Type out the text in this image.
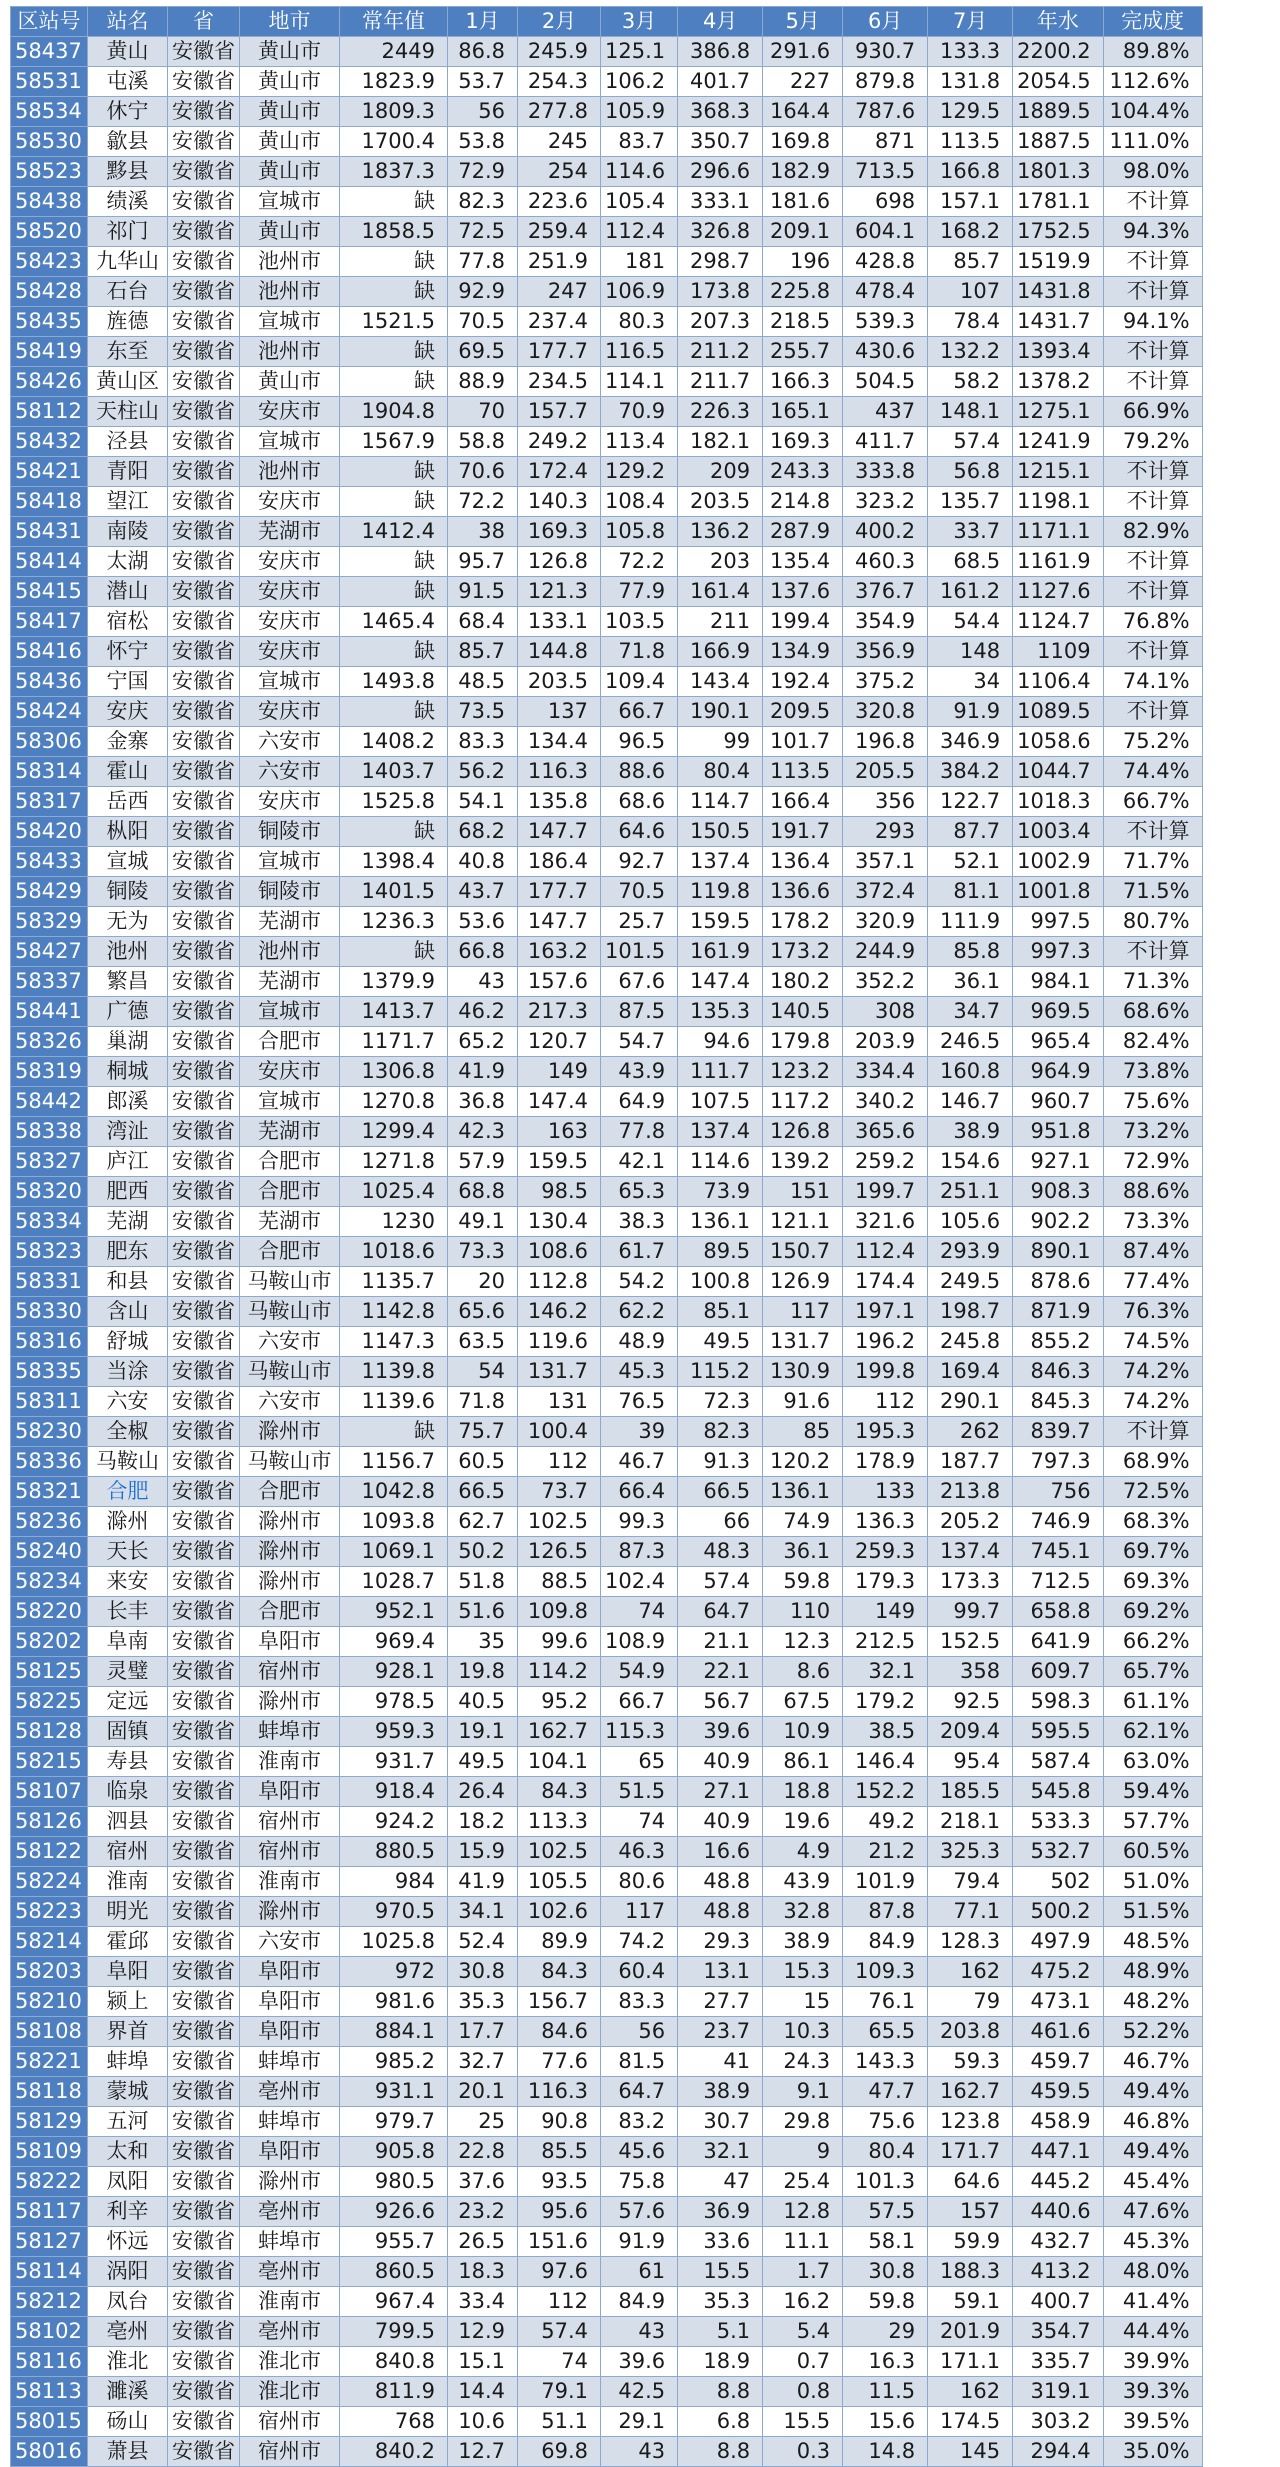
区站号	站名	省	地市	常年值	1月	2月	3月	4月	5月	6月	7月	年水	完成度
58437	黄山	安徽省	黄山市	2449	86.8	245.9	125.1	386.8	291.6	930.7	133.3	2200.2	89.8%
58531	屯溪	安徽省	黄山市	1823.9	53.7	254.3	106.2	401.7	227	879.8	131.8	2054.5	112.6%
58534	休宁	安徽省	黄山市	1809.3	56	277.8	105.9	368.3	164.4	787.6	129.5	1889.5	104.4%
58530	歙县	安徽省	黄山市	1700.4	53.8	245	83.7	350.7	169.8	871	113.5	1887.5	111.0%
58523	黟县	安徽省	黄山市	1837.3	72.9	254	114.6	296.6	182.9	713.5	166.8	1801.3	98.0%
58438	绩溪	安徽省	宣城市	缺	82.3	223.6	105.4	333.1	181.6	698	157.1	1781.1	不计算
58520	祁门	安徽省	黄山市	1858.5	72.5	259.4	112.4	326.8	209.1	604.1	168.2	1752.5	94.3%
58423	九华山	安徽省	池州市	缺	77.8	251.9	181	298.7	196	428.8	85.7	1519.9	不计算
58428	石台	安徽省	池州市	缺	92.9	247	106.9	173.8	225.8	478.4	107	1431.8	不计算
58435	旌德	安徽省	宣城市	1521.5	70.5	237.4	80.3	207.3	218.5	539.3	78.4	1431.7	94.1%
58419	东至	安徽省	池州市	缺	69.5	177.7	116.5	211.2	255.7	430.6	132.2	1393.4	不计算
58426	黄山区	安徽省	黄山市	缺	88.9	234.5	114.1	211.7	166.3	504.5	58.2	1378.2	不计算
58112	天柱山	安徽省	安庆市	1904.8	70	157.7	70.9	226.3	165.1	437	148.1	1275.1	66.9%
58432	泾县	安徽省	宣城市	1567.9	58.8	249.2	113.4	182.1	169.3	411.7	57.4	1241.9	79.2%
58421	青阳	安徽省	池州市	缺	70.6	172.4	129.2	209	243.3	333.8	56.8	1215.1	不计算
58418	望江	安徽省	安庆市	缺	72.2	140.3	108.4	203.5	214.8	323.2	135.7	1198.1	不计算
58431	南陵	安徽省	芜湖市	1412.4	38	169.3	105.8	136.2	287.9	400.2	33.7	1171.1	82.9%
58414	太湖	安徽省	安庆市	缺	95.7	126.8	72.2	203	135.4	460.3	68.5	1161.9	不计算
58415	潜山	安徽省	安庆市	缺	91.5	121.3	77.9	161.4	137.6	376.7	161.2	1127.6	不计算
58417	宿松	安徽省	安庆市	1465.4	68.4	133.1	103.5	211	199.4	354.9	54.4	1124.7	76.8%
58416	怀宁	安徽省	安庆市	缺	85.7	144.8	71.8	166.9	134.9	356.9	148	1109	不计算
58436	宁国	安徽省	宣城市	1493.8	48.5	203.5	109.4	143.4	192.4	375.2	34	1106.4	74.1%
58424	安庆	安徽省	安庆市	缺	73.5	137	66.7	190.1	209.5	320.8	91.9	1089.5	不计算
58306	金寨	安徽省	六安市	1408.2	83.3	134.4	96.5	99	101.7	196.8	346.9	1058.6	75.2%
58314	霍山	安徽省	六安市	1403.7	56.2	116.3	88.6	80.4	113.5	205.5	384.2	1044.7	74.4%
58317	岳西	安徽省	安庆市	1525.8	54.1	135.8	68.6	114.7	166.4	356	122.7	1018.3	66.7%
58420	枞阳	安徽省	铜陵市	缺	68.2	147.7	64.6	150.5	191.7	293	87.7	1003.4	不计算
58433	宣城	安徽省	宣城市	1398.4	40.8	186.4	92.7	137.4	136.4	357.1	52.1	1002.9	71.7%
58429	铜陵	安徽省	铜陵市	1401.5	43.7	177.7	70.5	119.8	136.6	372.4	81.1	1001.8	71.5%
58329	无为	安徽省	芜湖市	1236.3	53.6	147.7	25.7	159.5	178.2	320.9	111.9	997.5	80.7%
58427	池州	安徽省	池州市	缺	66.8	163.2	101.5	161.9	173.2	244.9	85.8	997.3	不计算
58337	繁昌	安徽省	芜湖市	1379.9	43	157.6	67.6	147.4	180.2	352.2	36.1	984.1	71.3%
58441	广德	安徽省	宣城市	1413.7	46.2	217.3	87.5	135.3	140.5	308	34.7	969.5	68.6%
58326	巢湖	安徽省	合肥市	1171.7	65.2	120.7	54.7	94.6	179.8	203.9	246.5	965.4	82.4%
58319	桐城	安徽省	安庆市	1306.8	41.9	149	43.9	111.7	123.2	334.4	160.8	964.9	73.8%
58442	郎溪	安徽省	宣城市	1270.8	36.8	147.4	64.9	107.5	117.2	340.2	146.7	960.7	75.6%
58338	湾沚	安徽省	芜湖市	1299.4	42.3	163	77.8	137.4	126.8	365.6	38.9	951.8	73.2%
58327	庐江	安徽省	合肥市	1271.8	57.9	159.5	42.1	114.6	139.2	259.2	154.6	927.1	72.9%
58320	肥西	安徽省	合肥市	1025.4	68.8	98.5	65.3	73.9	151	199.7	251.1	908.3	88.6%
58334	芜湖	安徽省	芜湖市	1230	49.1	130.4	38.3	136.1	121.1	321.6	105.6	902.2	73.3%
58323	肥东	安徽省	合肥市	1018.6	73.3	108.6	61.7	89.5	150.7	112.4	293.9	890.1	87.4%
58331	和县	安徽省	马鞍山市	1135.7	20	112.8	54.2	100.8	126.9	174.4	249.5	878.6	77.4%
58330	含山	安徽省	马鞍山市	1142.8	65.6	146.2	62.2	85.1	117	197.1	198.7	871.9	76.3%
58316	舒城	安徽省	六安市	1147.3	63.5	119.6	48.9	49.5	131.7	196.2	245.8	855.2	74.5%
58335	当涂	安徽省	马鞍山市	1139.8	54	131.7	45.3	115.2	130.9	199.8	169.4	846.3	74.2%
58311	六安	安徽省	六安市	1139.6	71.8	131	76.5	72.3	91.6	112	290.1	845.3	74.2%
58230	全椒	安徽省	滁州市	缺	75.7	100.4	39	82.3	85	195.3	262	839.7	不计算
58336	马鞍山	安徽省	马鞍山市	1156.7	60.5	112	46.7	91.3	120.2	178.9	187.7	797.3	68.9%
58321	合肥	安徽省	合肥市	1042.8	66.5	73.7	66.4	66.5	136.1	133	213.8	756	72.5%
58236	滁州	安徽省	滁州市	1093.8	62.7	102.5	99.3	66	74.9	136.3	205.2	746.9	68.3%
58240	天长	安徽省	滁州市	1069.1	50.2	126.5	87.3	48.3	36.1	259.3	137.4	745.1	69.7%
58234	来安	安徽省	滁州市	1028.7	51.8	88.5	102.4	57.4	59.8	179.3	173.3	712.5	69.3%
58220	长丰	安徽省	合肥市	952.1	51.6	109.8	74	64.7	110	149	99.7	658.8	69.2%
58202	阜南	安徽省	阜阳市	969.4	35	99.6	108.9	21.1	12.3	212.5	152.5	641.9	66.2%
58125	灵璧	安徽省	宿州市	928.1	19.8	114.2	54.9	22.1	8.6	32.1	358	609.7	65.7%
58225	定远	安徽省	滁州市	978.5	40.5	95.2	66.7	56.7	67.5	179.2	92.5	598.3	61.1%
58128	固镇	安徽省	蚌埠市	959.3	19.1	162.7	115.3	39.6	10.9	38.5	209.4	595.5	62.1%
58215	寿县	安徽省	淮南市	931.7	49.5	104.1	65	40.9	86.1	146.4	95.4	587.4	63.0%
58107	临泉	安徽省	阜阳市	918.4	26.4	84.3	51.5	27.1	18.8	152.2	185.5	545.8	59.4%
58126	泗县	安徽省	宿州市	924.2	18.2	113.3	74	40.9	19.6	49.2	218.1	533.3	57.7%
58122	宿州	安徽省	宿州市	880.5	15.9	102.5	46.3	16.6	4.9	21.2	325.3	532.7	60.5%
58224	淮南	安徽省	淮南市	984	41.9	105.5	80.6	48.8	43.9	101.9	79.4	502	51.0%
58223	明光	安徽省	滁州市	970.5	34.1	102.6	117	48.8	32.8	87.8	77.1	500.2	51.5%
58214	霍邱	安徽省	六安市	1025.8	52.4	89.9	74.2	29.3	38.9	84.9	128.3	497.9	48.5%
58203	阜阳	安徽省	阜阳市	972	30.8	84.3	60.4	13.1	15.3	109.3	162	475.2	48.9%
58210	颍上	安徽省	阜阳市	981.6	35.3	156.7	83.3	27.7	15	76.1	79	473.1	48.2%
58108	界首	安徽省	阜阳市	884.1	17.7	84.6	56	23.7	10.3	65.5	203.8	461.6	52.2%
58221	蚌埠	安徽省	蚌埠市	985.2	32.7	77.6	81.5	41	24.3	143.3	59.3	459.7	46.7%
58118	蒙城	安徽省	亳州市	931.1	20.1	116.3	64.7	38.9	9.1	47.7	162.7	459.5	49.4%
58129	五河	安徽省	蚌埠市	979.7	25	90.8	83.2	30.7	29.8	75.6	123.8	458.9	46.8%
58109	太和	安徽省	阜阳市	905.8	22.8	85.5	45.6	32.1	9	80.4	171.7	447.1	49.4%
58222	凤阳	安徽省	滁州市	980.5	37.6	93.5	75.8	47	25.4	101.3	64.6	445.2	45.4%
58117	利辛	安徽省	亳州市	926.6	23.2	95.6	57.6	36.9	12.8	57.5	157	440.6	47.6%
58127	怀远	安徽省	蚌埠市	955.7	26.5	151.6	91.9	33.6	11.1	58.1	59.9	432.7	45.3%
58114	涡阳	安徽省	亳州市	860.5	18.3	97.6	61	15.5	1.7	30.8	188.3	413.2	48.0%
58212	凤台	安徽省	淮南市	967.4	33.4	112	84.9	35.3	16.2	59.8	59.1	400.7	41.4%
58102	亳州	安徽省	亳州市	799.5	12.9	57.4	43	5.1	5.4	29	201.9	354.7	44.4%
58116	淮北	安徽省	淮北市	840.8	15.1	74	39.6	18.9	0.7	16.3	171.1	335.7	39.9%
58113	濉溪	安徽省	淮北市	811.9	14.4	79.1	42.5	8.8	0.8	11.5	162	319.1	39.3%
58015	砀山	安徽省	宿州市	768	10.6	51.1	29.1	6.8	15.5	15.6	174.5	303.2	39.5%
58016	萧县	安徽省	宿州市	840.2	12.7	69.8	43	8.8	0.3	14.8	145	294.4	35.0%
